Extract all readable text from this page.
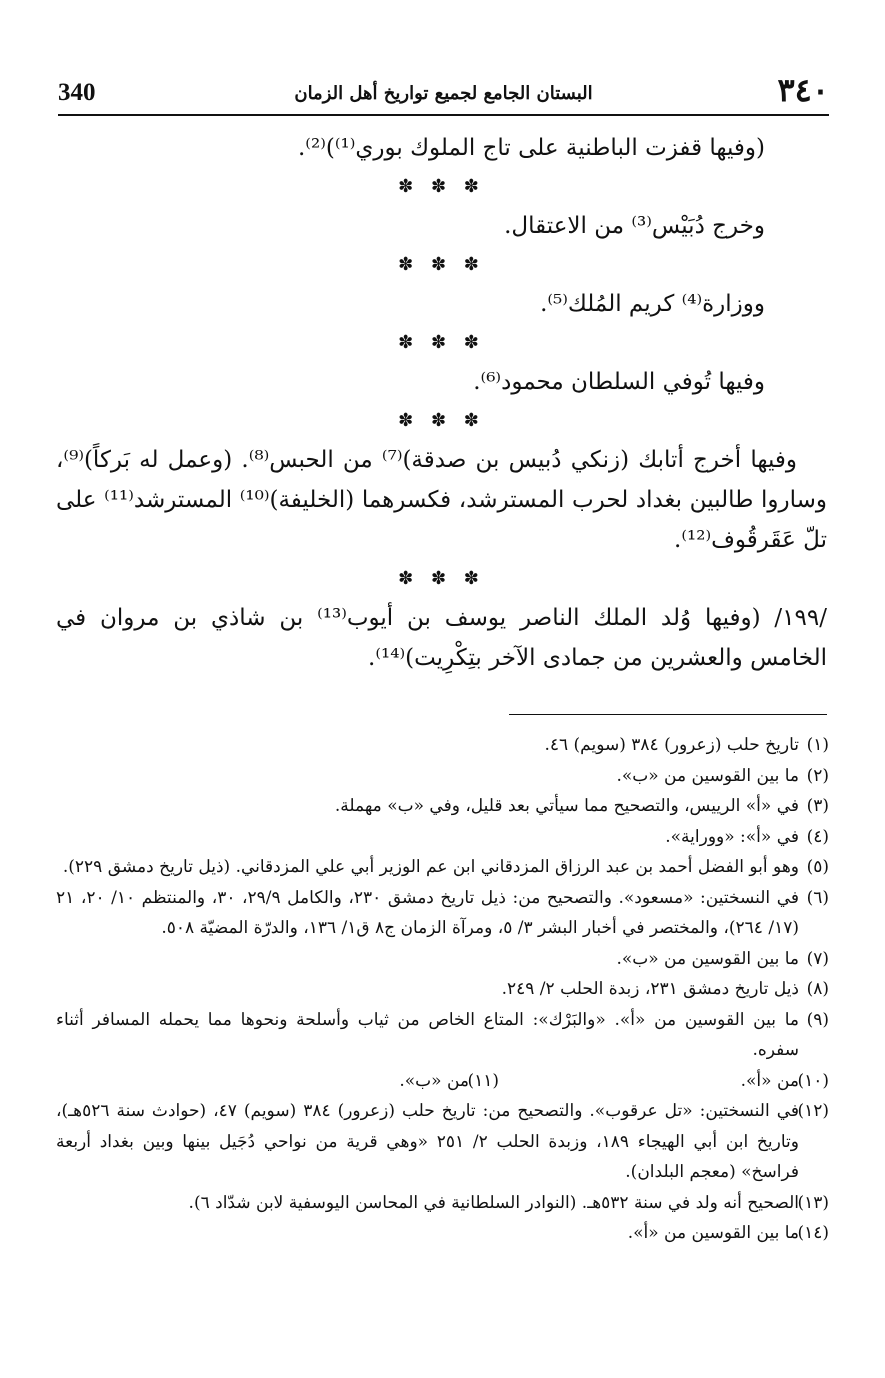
٣٤٠
البستان الجامع لجميع تواريخ أهل الزمان
340

(وفيها قفزت الباطنية على تاج الملوك بوري⁽¹⁾)⁽²⁾.

✽ ✽ ✽

وخرج دُبَيْس⁽³⁾ من الاعتقال.

✽ ✽ ✽

ووزارة⁽⁴⁾ كريم المُلك⁽⁵⁾.

✽ ✽ ✽

وفيها تُوفي السلطان محمود⁽⁶⁾.

✽ ✽ ✽

وفيها أخرج أتابك (زنكي دُبيس بن صدقة)⁽⁷⁾ من الحبس⁽⁸⁾. (وعمل له بَركاً)⁽⁹⁾، وساروا طالبين بغداد لحرب المسترشد، فكسرهما (الخليفة)⁽¹⁰⁾ المسترشد⁽¹¹⁾ على تلّ عَقَرقُوف⁽¹²⁾.

✽ ✽ ✽

/١٩٩/ (وفيها وُلد الملك الناصر يوسف بن أيوب⁽¹³⁾ بن شاذي بن مروان في الخامس والعشرين من جمادى الآخر بتِكْرِيت)⁽¹⁴⁾.

(١)
تاريخ حلب (زعرور) ٣٨٤ (سويم) ٤٦.
(٢)
ما بين القوسين من «ب».
(٣)
في «أ» الرييس، والتصحيح مما سيأتي بعد قليل، وفي «ب» مهملة.
(٤)
في «أ»: «ووراية».
(٥)
وهو أبو الفضل أحمد بن عبد الرزاق المزدقاني ابن عم الوزير أبي علي المزدقاني. (ذيل تاريخ دمشق ٢٢٩).
(٦)
في النسختين: «مسعود». والتصحيح من: ذيل تاريخ دمشق ٢٣٠، والكامل ٢٩/٩، ٣٠، والمنتظم ١٠/ ٢٠، ٢١ (١٧/ ٢٦٤)، والمختصر في أخبار البشر ٣/ ٥، ومرآة الزمان ج٨ ق١/ ١٣٦، والدرّة المضيّة ٥٠٨.
(٧)
ما بين القوسين من «ب».
(٨)
ذيل تاريخ دمشق ٢٣١، زبدة الحلب ٢/ ٢٤٩.
(٩)
ما بين القوسين من «أ». «والبَرْك»: المتاع الخاص من ثياب وأسلحة ونحوها مما يحمله المسافر أثناء سفره.
(١٠)
من «أ».
(١١)
من «ب».
(١٢)
في النسختين: «تل عرقوب». والتصحيح من: تاريخ حلب (زعرور) ٣٨٤ (سويم) ٤٧، (حوادث سنة ٥٢٦هـ)، وتاريخ ابن أبي الهيجاء ١٨٩، وزبدة الحلب ٢/ ٢٥١ «وهي قرية من نواحي دُجَيل بينها وبين بغداد أربعة فراسخ» (معجم البلدان).
(١٣)
الصحيح أنه ولد في سنة ٥٣٢هـ. (النوادر السلطانية في المحاسن اليوسفية لابن شدّاد ٦).
(١٤)
ما بين القوسين من «أ».
